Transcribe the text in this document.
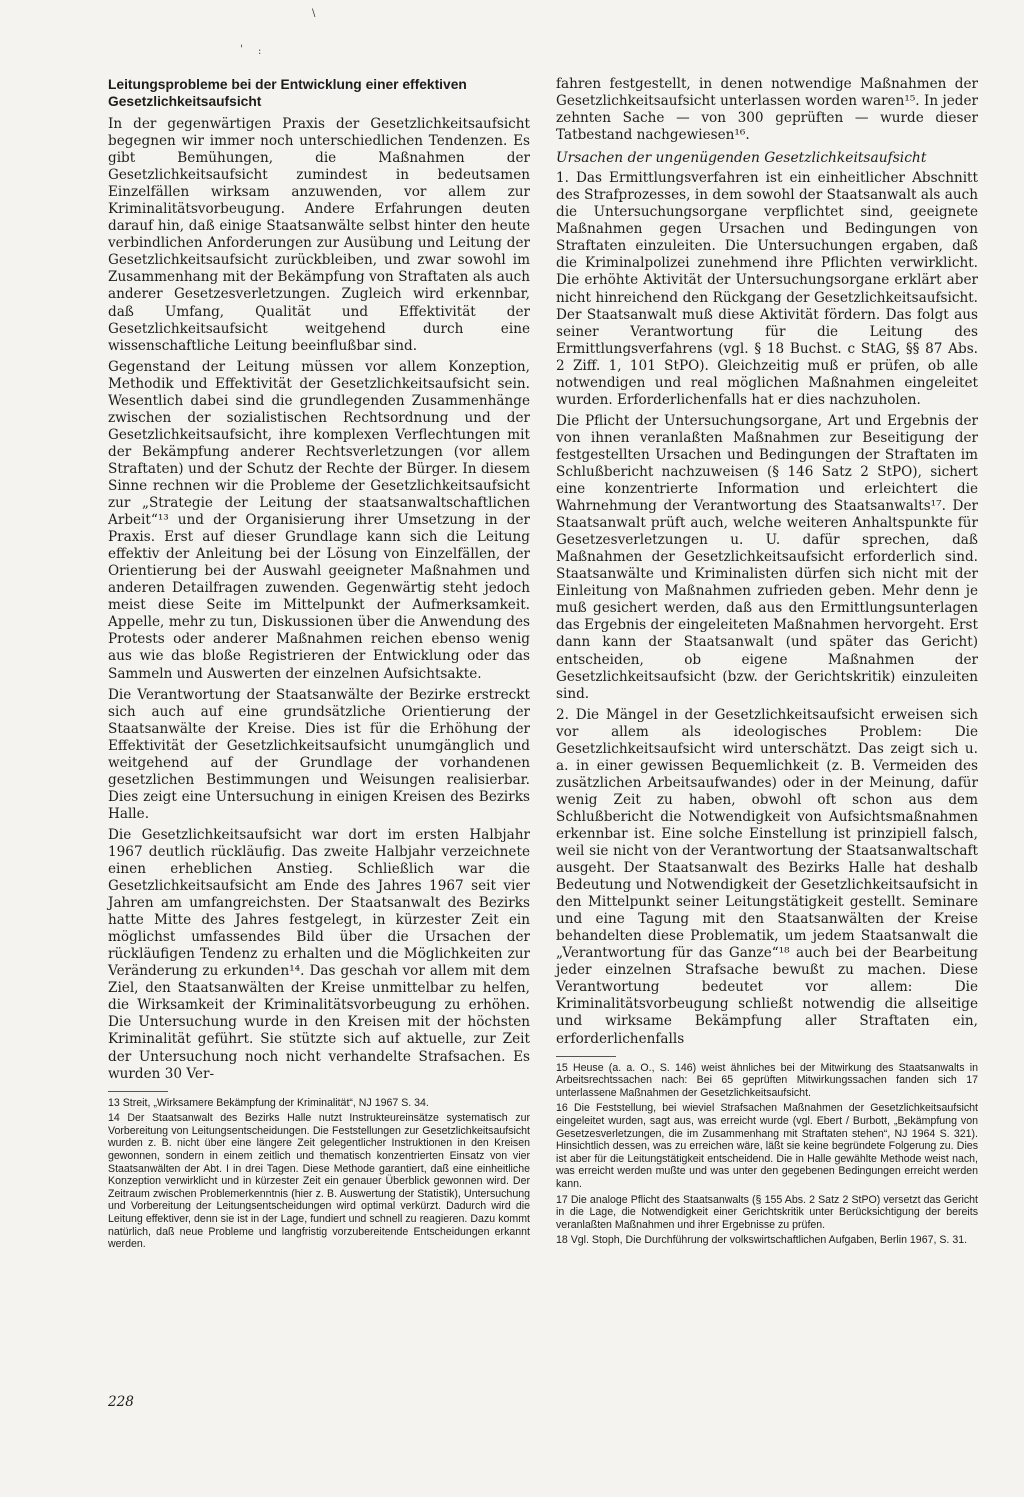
\
' :
Leitungsprobleme bei der Entwicklung einer effektiven Gesetzlichkeitsaufsicht

In der gegenwärtigen Praxis der Gesetzlichkeitsaufsicht begegnen wir immer noch unterschiedlichen Tendenzen. Es gibt Bemühungen, die Maßnahmen der Gesetzlichkeitsaufsicht zumindest in bedeutsamen Einzelfällen wirksam anzuwenden, vor allem zur Kriminalitätsvorbeugung. Andere Erfahrungen deuten darauf hin, daß einige Staatsanwälte selbst hinter den heute verbindlichen Anforderungen zur Ausübung und Leitung der Gesetzlichkeitsaufsicht zurückbleiben, und zwar sowohl im Zusammenhang mit der Bekämpfung von Straftaten als auch anderer Gesetzesverletzungen. Zugleich wird erkennbar, daß Umfang, Qualität und Effektivität der Gesetzlichkeitsaufsicht weitgehend durch eine wissenschaftliche Leitung beeinflußbar sind.

Gegenstand der Leitung müssen vor allem Konzeption, Methodik und Effektivität der Gesetzlichkeitsaufsicht sein. Wesentlich dabei sind die grundlegenden Zusammenhänge zwischen der sozialistischen Rechtsordnung und der Gesetzlichkeitsaufsicht, ihre komplexen Verflechtungen mit der Bekämpfung anderer Rechtsverletzungen (vor allem Straftaten) und der Schutz der Rechte der Bürger. In diesem Sinne rechnen wir die Probleme der Gesetzlichkeitsaufsicht zur „Strategie der Leitung der staatsanwaltschaftlichen Arbeit“¹³ und der Organisierung ihrer Umsetzung in der Praxis. Erst auf dieser Grundlage kann sich die Leitung effektiv der Anleitung bei der Lösung von Einzelfällen, der Orientierung bei der Auswahl geeigneter Maßnahmen und anderen Detailfragen zuwenden. Gegenwärtig steht jedoch meist diese Seite im Mittelpunkt der Aufmerksamkeit. Appelle, mehr zu tun, Diskussionen über die Anwendung des Protests oder anderer Maßnahmen reichen ebenso wenig aus wie das bloße Registrieren der Entwicklung oder das Sammeln und Auswerten der einzelnen Aufsichtsakte.

Die Verantwortung der Staatsanwälte der Bezirke erstreckt sich auch auf eine grundsätzliche Orientierung der Staatsanwälte der Kreise. Dies ist für die Erhöhung der Effektivität der Gesetzlichkeitsaufsicht unumgänglich und weitgehend auf der Grundlage der vorhandenen gesetzlichen Bestimmungen und Weisungen realisierbar. Dies zeigt eine Untersuchung in einigen Kreisen des Bezirks Halle.

Die Gesetzlichkeitsaufsicht war dort im ersten Halbjahr 1967 deutlich rückläufig. Das zweite Halbjahr verzeichnete einen erheblichen Anstieg. Schließlich war die Gesetzlichkeitsaufsicht am Ende des Jahres 1967 seit vier Jahren am umfangreichsten. Der Staatsanwalt des Bezirks hatte Mitte des Jahres festgelegt, in kürzester Zeit ein möglichst umfassendes Bild über die Ursachen der rückläufigen Tendenz zu erhalten und die Möglichkeiten zur Veränderung zu erkunden¹⁴. Das geschah vor allem mit dem Ziel, den Staatsanwälten der Kreise unmittelbar zu helfen, die Wirksamkeit der Kriminalitätsvorbeugung zu erhöhen. Die Untersuchung wurde in den Kreisen mit der höchsten Kriminalität geführt. Sie stützte sich auf aktuelle, zur Zeit der Untersuchung noch nicht verhandelte Strafsachen. Es wurden 30 Ver-

13 Streit, „Wirksamere Bekämpfung der Kriminalität“, NJ 1967 S. 34.

14 Der Staatsanwalt des Bezirks Halle nutzt Instrukteureinsätze systematisch zur Vorbereitung von Leitungsentscheidungen. Die Feststellungen zur Gesetzlichkeitsaufsicht wurden z. B. nicht über eine längere Zeit gelegentlicher Instruktionen in den Kreisen gewonnen, sondern in einem zeitlich und thematisch konzentrierten Einsatz von vier Staatsanwälten der Abt. I in drei Tagen. Diese Methode garantiert, daß eine einheitliche Konzeption verwirklicht und in kürzester Zeit ein genauer Überblick gewonnen wird. Der Zeitraum zwischen Problemerkenntnis (hier z. B. Auswertung der Statistik), Untersuchung und Vorbereitung der Leitungsentscheidungen wird optimal verkürzt. Dadurch wird die Leitung effektiver, denn sie ist in der Lage, fundiert und schnell zu reagieren. Dazu kommt natürlich, daß neue Probleme und langfristig vorzubereitende Entscheidungen erkannt werden.

fahren festgestellt, in denen notwendige Maßnahmen der Gesetzlichkeitsaufsicht unterlassen worden waren¹⁵. In jeder zehnten Sache — von 300 geprüften — wurde dieser Tatbestand nachgewiesen¹⁶.

Ursachen der ungenügenden Gesetzlichkeitsaufsicht

1. Das Ermittlungsverfahren ist ein einheitlicher Abschnitt des Strafprozesses, in dem sowohl der Staatsanwalt als auch die Untersuchungsorgane verpflichtet sind, geeignete Maßnahmen gegen Ursachen und Bedingungen von Straftaten einzuleiten. Die Untersuchungen ergaben, daß die Kriminalpolizei zunehmend ihre Pflichten verwirklicht. Die erhöhte Aktivität der Untersuchungsorgane erklärt aber nicht hinreichend den Rückgang der Gesetzlichkeitsaufsicht. Der Staatsanwalt muß diese Aktivität fördern. Das folgt aus seiner Verantwortung für die Leitung des Ermittlungsverfahrens (vgl. § 18 Buchst. c StAG, §§ 87 Abs. 2 Ziff. 1, 101 StPO). Gleichzeitig muß er prüfen, ob alle notwendigen und real möglichen Maßnahmen eingeleitet wurden. Erforderlichenfalls hat er dies nachzuholen.

Die Pflicht der Untersuchungsorgane, Art und Ergebnis der von ihnen veranlaßten Maßnahmen zur Beseitigung der festgestellten Ursachen und Bedingungen der Straftaten im Schlußbericht nachzuweisen (§ 146 Satz 2 StPO), sichert eine konzentrierte Information und erleichtert die Wahrnehmung der Verantwortung des Staatsanwalts¹⁷. Der Staatsanwalt prüft auch, welche weiteren Anhaltspunkte für Gesetzesverletzungen u. U. dafür sprechen, daß Maßnahmen der Gesetzlichkeitsaufsicht erforderlich sind. Staatsanwälte und Kriminalisten dürfen sich nicht mit der Einleitung von Maßnahmen zufrieden geben. Mehr denn je muß gesichert werden, daß aus den Ermittlungsunterlagen das Ergebnis der eingeleiteten Maßnahmen hervorgeht. Erst dann kann der Staatsanwalt (und später das Gericht) entscheiden, ob eigene Maßnahmen der Gesetzlichkeitsaufsicht (bzw. der Gerichtskritik) einzuleiten sind.

2. Die Mängel in der Gesetzlichkeitsaufsicht erweisen sich vor allem als ideologisches Problem: Die Gesetzlichkeitsaufsicht wird unterschätzt. Das zeigt sich u. a. in einer gewissen Bequemlichkeit (z. B. Vermeiden des zusätzlichen Arbeitsaufwandes) oder in der Meinung, dafür wenig Zeit zu haben, obwohl oft schon aus dem Schlußbericht die Notwendigkeit von Aufsichtsmaßnahmen erkennbar ist. Eine solche Einstellung ist prinzipiell falsch, weil sie nicht von der Verantwortung der Staatsanwaltschaft ausgeht. Der Staatsanwalt des Bezirks Halle hat deshalb Bedeutung und Notwendigkeit der Gesetzlichkeitsaufsicht in den Mittelpunkt seiner Leitungstätigkeit gestellt. Seminare und eine Tagung mit den Staatsanwälten der Kreise behandelten diese Problematik, um jedem Staatsanwalt die „Verantwortung für das Ganze“¹⁸ auch bei der Bearbeitung jeder einzelnen Strafsache bewußt zu machen. Diese Verantwortung bedeutet vor allem: Die Kriminalitätsvorbeugung schließt notwendig die allseitige und wirksame Bekämpfung aller Straftaten ein, erforderlichenfalls

15 Heuse (a. a. O., S. 146) weist ähnliches bei der Mitwirkung des Staatsanwalts in Arbeitsrechtssachen nach: Bei 65 geprüften Mitwirkungssachen fanden sich 17 unterlassene Maßnahmen der Gesetzlichkeitsaufsicht.

16 Die Feststellung, bei wieviel Strafsachen Maßnahmen der Gesetzlichkeitsaufsicht eingeleitet wurden, sagt aus, was erreicht wurde (vgl. Ebert / Burbott, „Bekämpfung von Gesetzesverletzungen, die im Zusammenhang mit Straftaten stehen“, NJ 1964 S. 321). Hinsichtlich dessen, was zu erreichen wäre, läßt sie keine begründete Folgerung zu. Dies ist aber für die Leitungstätigkeit entscheidend. Die in Halle gewählte Methode weist nach, was erreicht werden mußte und was unter den gegebenen Bedingungen erreicht werden kann.

17 Die analoge Pflicht des Staatsanwalts (§ 155 Abs. 2 Satz 2 StPO) versetzt das Gericht in die Lage, die Notwendigkeit einer Gerichtskritik unter Berücksichtigung der bereits veranlaßten Maßnahmen und ihrer Ergebnisse zu prüfen.

18 Vgl. Stoph, Die Durchführung der volkswirtschaftlichen Aufgaben, Berlin 1967, S. 31.

228
